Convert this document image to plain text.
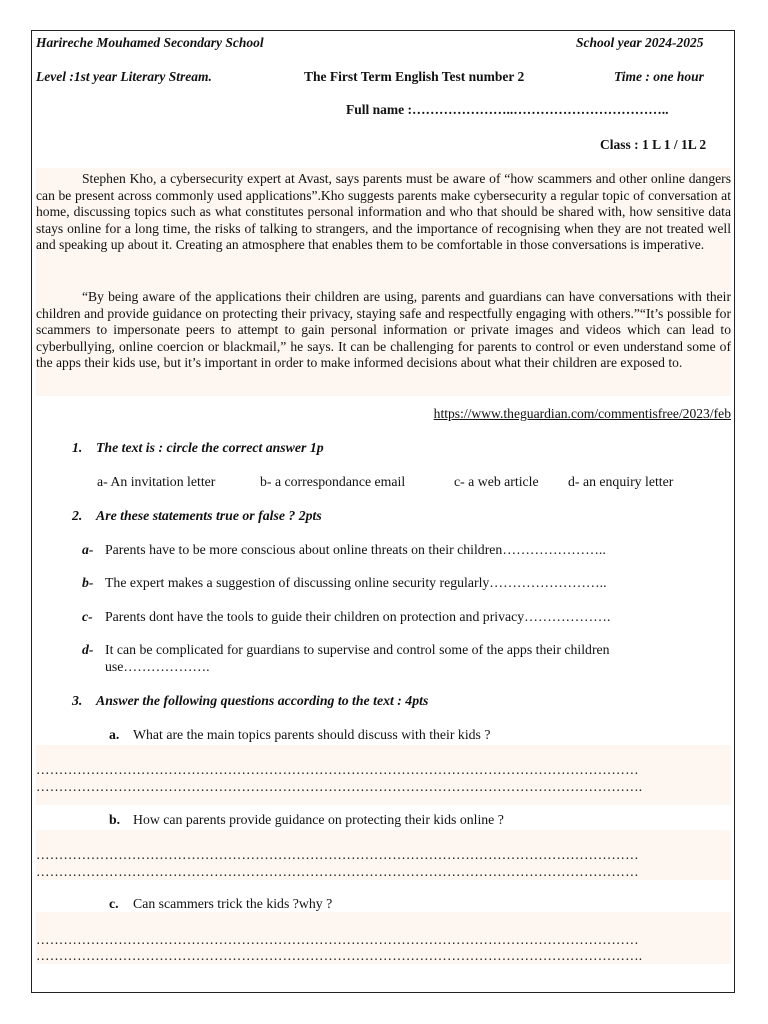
Harireche Mouhamed Secondary School	School year 2024-2025
Level :1st year Literary Stream.	The First Term English Test number 2	Time : one hour
Full name :…………………..……………………………..
Class : 1 L 1 / 1L 2
Stephen Kho, a cybersecurity expert at Avast, says parents must be aware of “how scammers and other online dangers can be present across commonly used applications”.Kho suggests parents make cybersecurity a regular topic of conversation at home, discussing topics such as what constitutes personal information and who that should be shared with, how sensitive data stays online for a long time, the risks of talking to strangers, and the importance of recognising when they are not treated well and speaking up about it. Creating an atmosphere that enables them to be comfortable in those conversations is imperative.
“By being aware of the applications their children are using, parents and guardians can have conversations with their children and provide guidance on protecting their privacy, staying safe and respectfully engaging with others.”“It’s possible for scammers to impersonate peers to attempt to gain personal information or private images and videos which can lead to cyberbullying, online coercion or blackmail,” he says. It can be challenging for parents to control or even understand some of the apps their kids use, but it’s important in order to make informed decisions about what their children are exposed to.
https://www.theguardian.com/commentisfree/2023/feb
1. The text is : circle the correct answer 1p
a- An invitation letter	b- a correspondance email	c- a web article d- an enquiry letter
2. Are these statements true or false ? 2pts
a- Parents have to be more conscious about online threats on their children…………………..
b- The expert makes a suggestion of discussing online security regularly……………………..
c- Parents dont have the tools to guide their children on protection and privacy……………….
d- It can be complicated for guardians to supervise and control some of the apps their children
use……………….
3. Answer the following questions according to the text : 4pts
a. What are the main topics parents should discuss with their kids ?
……………………………………………………………………………………………………………………
…………………………………………………………………………………………………………………….
b. How can parents provide guidance on protecting their kids online ?
……………………………………………………………………………………………………………………
……………………………………………………………………………………………………………………
c. Can scammers trick the kids ?why ?
……………………………………………………………………………………………………………………
…………………………………………………………………………………………………………………….
